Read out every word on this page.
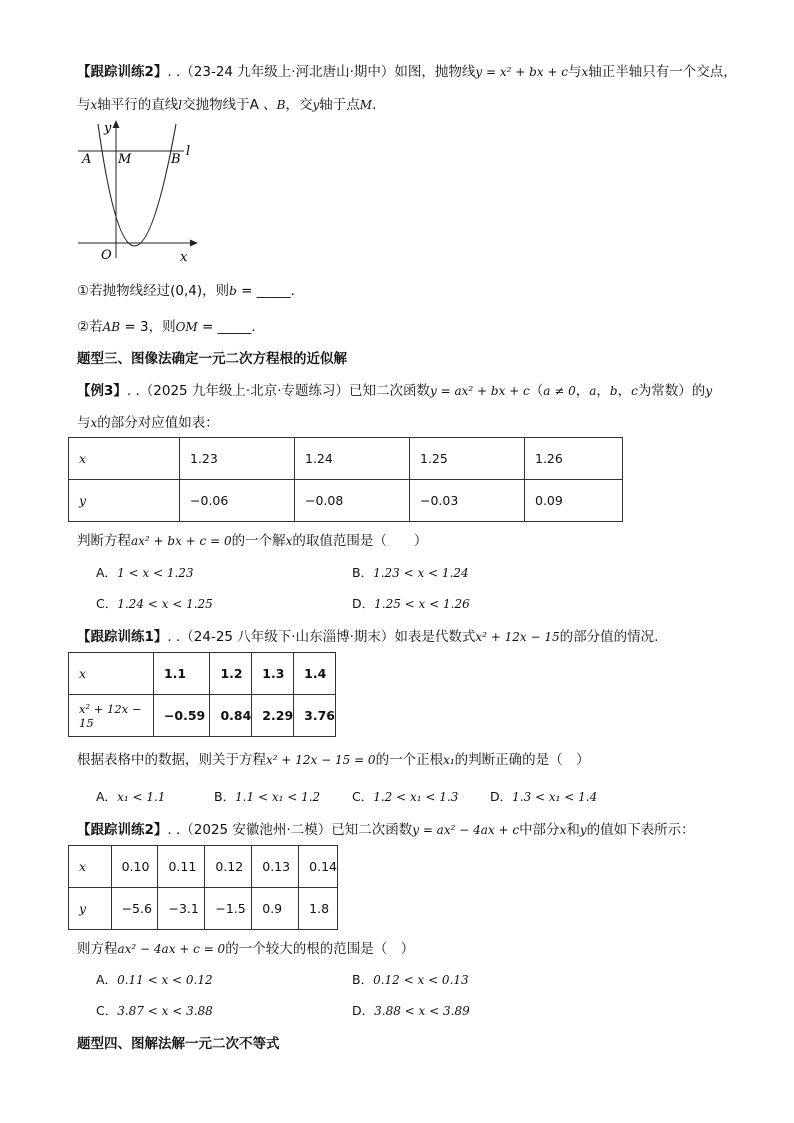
【跟踪训练2】. .（23-24 九年级上·河北唐山·期中）如图，抛物线y = x² + bx + c与x轴正半轴只有一个交点，
与x轴平行的直线l交抛物线于A 、B，交y轴于点M.
y
A M	B
l
O	x
①若抛物线经过(0,4)，则b = _____.
②若AB = 3，则OM = _____.
题型三、图像法确定一元二次方程根的近似解
【例3】. .（2025 九年级上·北京·专题练习）已知二次函数y = ax² + bx + c（a ≠ 0，a，b，c为常数）的y
与x的部分对应值如表：
x	1.23	1.24	1.25	1.26
y	−0.06	−0.08	−0.03	0.09
判断方程ax² + bx + c = 0的一个解x的取值范围是（　　）
A．1 < x < 1.23	B．1.23 < x < 1.24
C．1.24 < x < 1.25	D．1.25 < x < 1.26
【跟踪训练1】. .（24-25 八年级下·山东淄博·期末）如表是代数式x² + 12x − 15的部分值的情况.
x	1.1	1.2	1.3	1.4
x² + 12x − 15	−0.59	0.84	2.29	3.76
根据表格中的数据，则关于方程x² + 12x − 15 = 0的一个正根x₁的判断正确的是（　）
A．x₁ < 1.1	B．1.1 < x₁ < 1.2	C．1.2 < x₁ < 1.3	D．1.3 < x₁ < 1.4
【跟踪训练2】. .（2025 安徽池州·二模）已知二次函数y = ax² − 4ax + c中部分x和y的值如下表所示：
x	0.10	0.11	0.12	0.13	0.14
y	−5.6	−3.1	−1.5	0.9	1.8
则方程ax² − 4ax + c = 0的一个较大的根的范围是（　）
A．0.11 < x < 0.12	B．0.12 < x < 0.13
C．3.87 < x < 3.88	D．3.88 < x < 3.89
题型四、图解法解一元二次不等式
